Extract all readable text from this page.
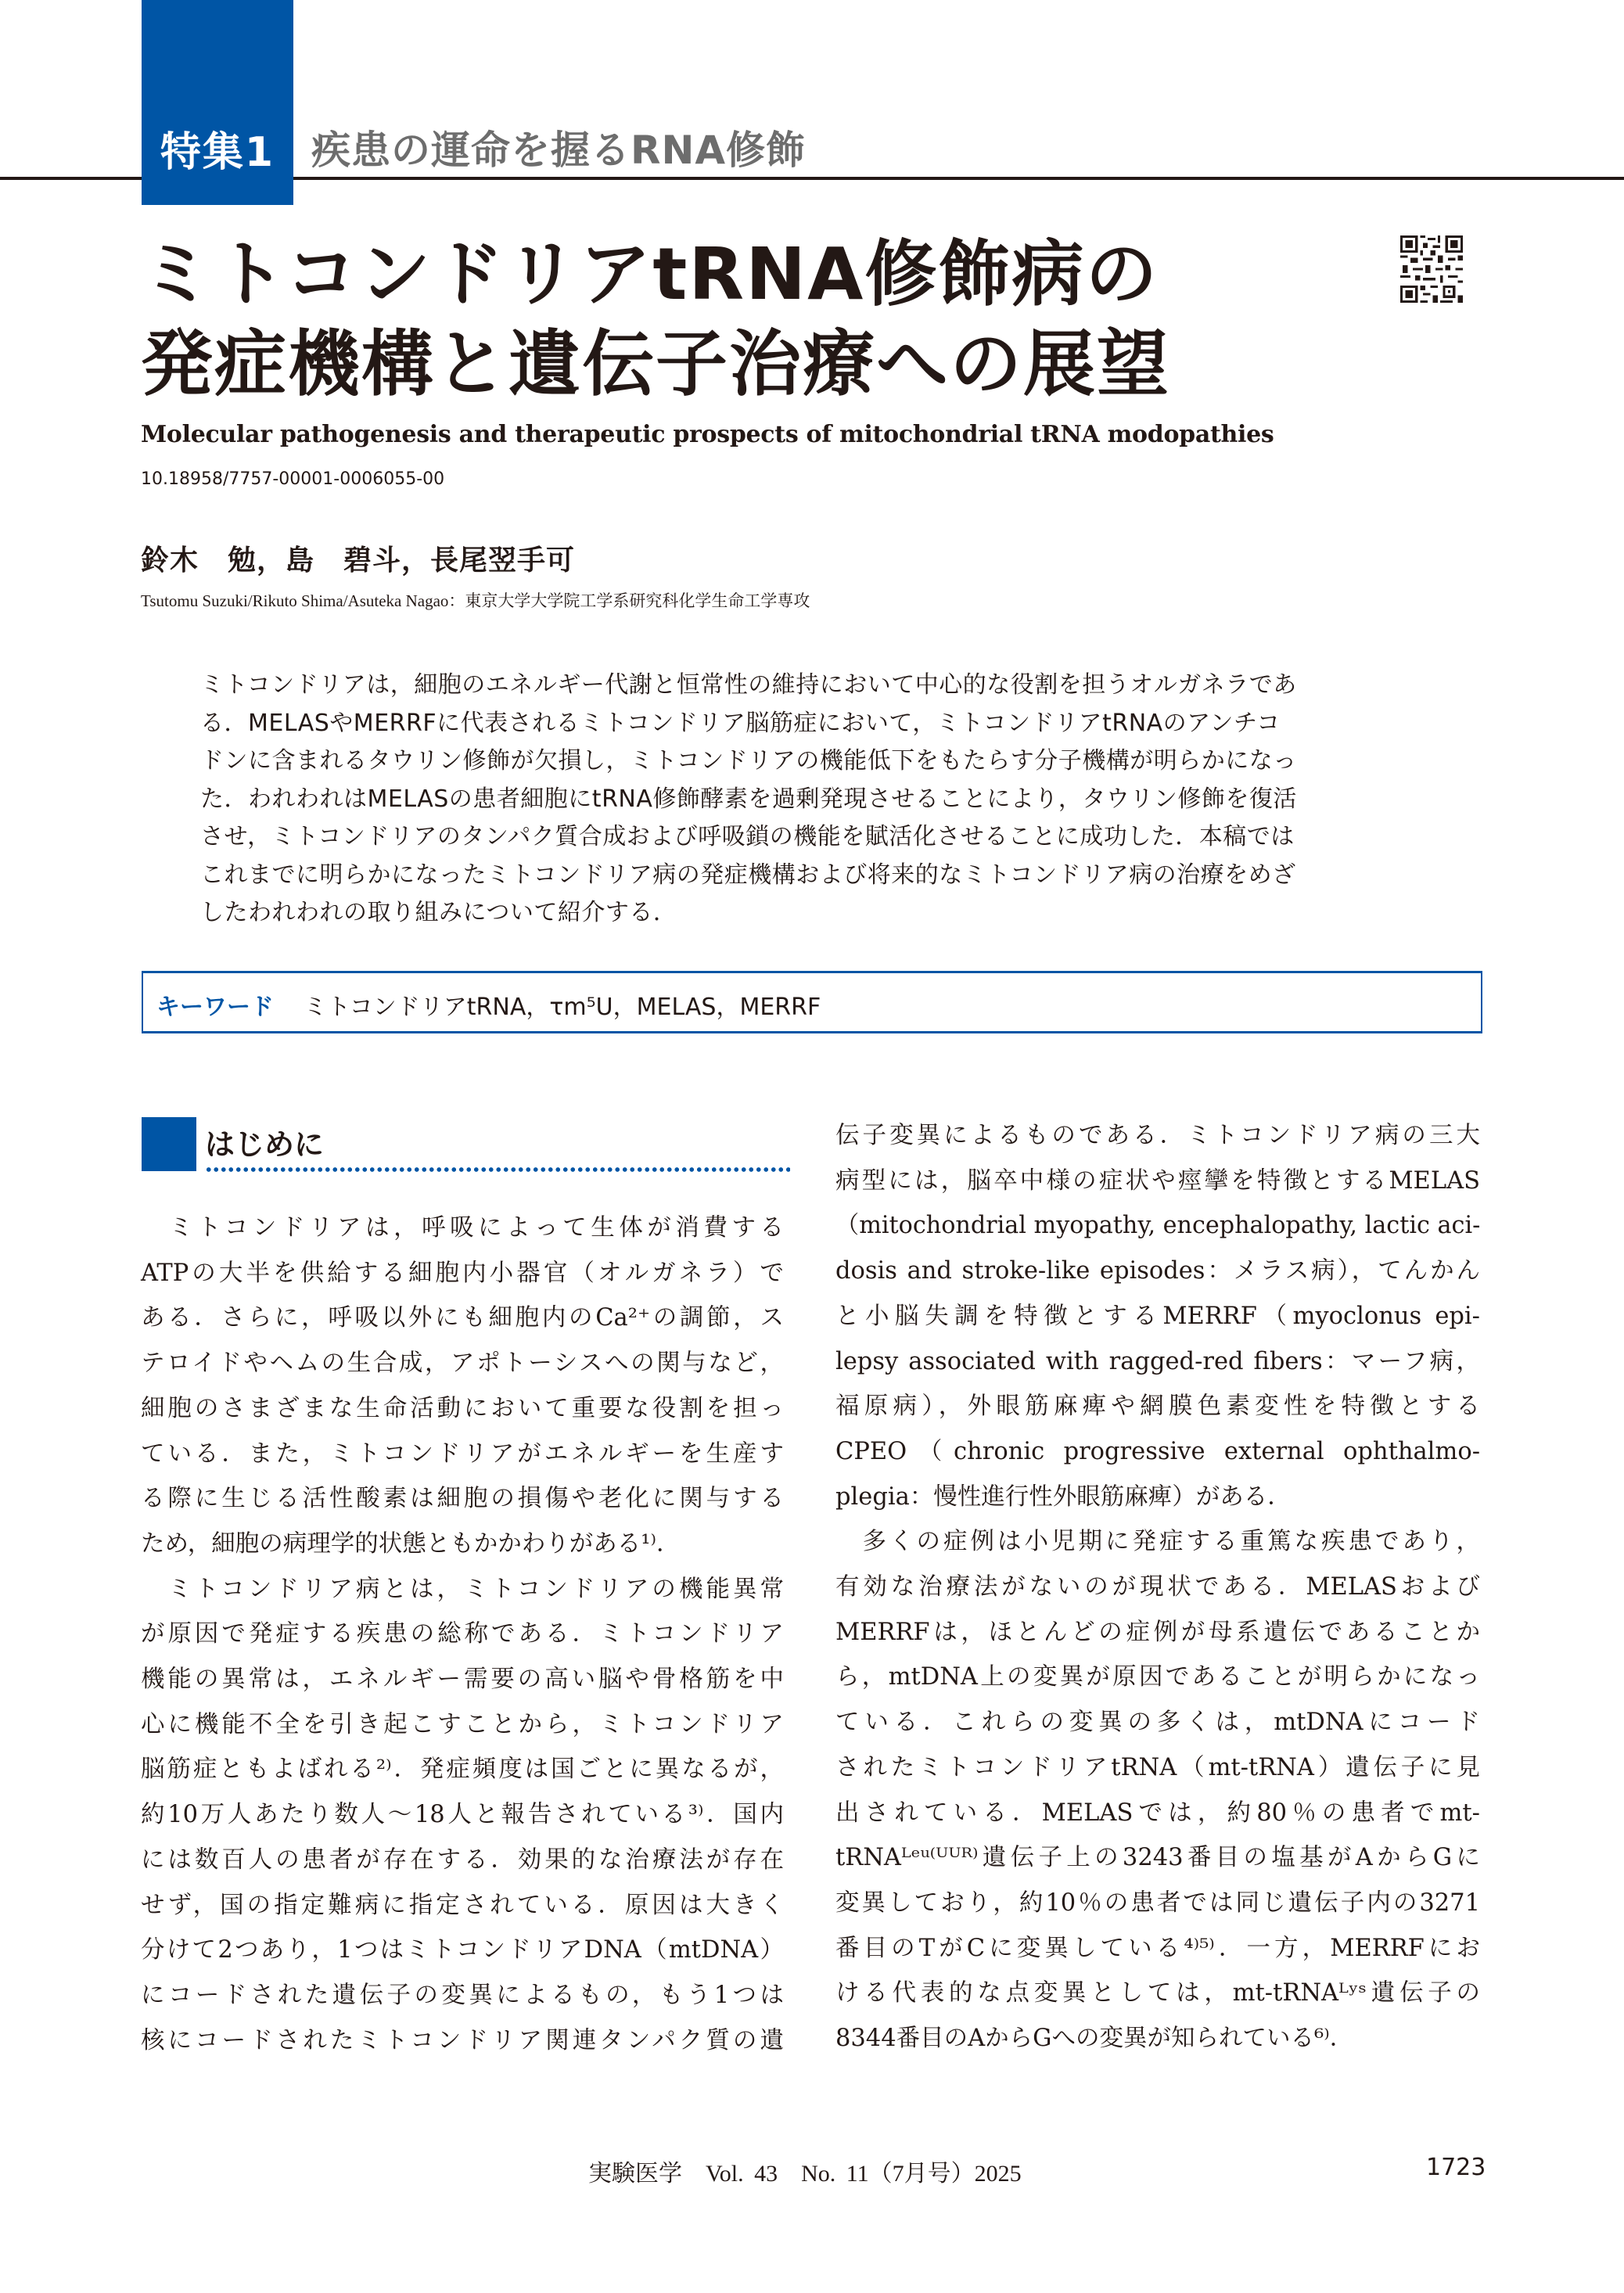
特集1 疾患の運命を握るRNA修飾
ミトコンドリアtRNA修飾病の
発症機構と遺伝子治療への展望
Molecular pathogenesis and therapeutic prospects of mitochondrial tRNA modopathies
10.18958/7757-00001-0006055-00
鈴木　勉，島　碧斗，長尾翌手可
Tsutomu Suzuki/Rikuto Shima/Asuteka Nagao：東京大学大学院工学系研究科化学生命工学専攻
ミトコンドリアは，細胞のエネルギー代謝と恒常性の維持において中心的な役割を担うオルガネラであ
る．MELASやMERRFに代表されるミトコンドリア脳筋症において，ミトコンドリアtRNAのアンチコ
ドンに含まれるタウリン修飾が欠損し，ミトコンドリアの機能低下をもたらす分子機構が明らかになっ
た．われわれはMELASの患者細胞にtRNA修飾酵素を過剰発現させることにより，タウリン修飾を復活
させ，ミトコンドリアのタンパク質合成および呼吸鎖の機能を賦活化させることに成功した．本稿では
これまでに明らかになったミトコンドリア病の発症機構および将来的なミトコンドリア病の治療をめざ
したわれわれの取り組みについて紹介する．
キーワード ミトコンドリアtRNA，τm⁵U，MELAS，MERRF
はじめに

　ミトコンドリアは，呼吸によって生体が消費する

ATPの大半を供給する細胞内小器官（オルガネラ）で

ある．さらに，呼吸以外にも細胞内のCa²⁺の調節，ス

テロイドやヘムの生合成，アポトーシスへの関与など，

細胞のさまざまな生命活動において重要な役割を担っ

ている．また，ミトコンドリアがエネルギーを生産す

る際に生じる活性酸素は細胞の損傷や老化に関与する

ため，細胞の病理学的状態ともかかわりがある¹⁾．

　ミトコンドリア病とは，ミトコンドリアの機能異常

が原因で発症する疾患の総称である．ミトコンドリア

機能の異常は，エネルギー需要の高い脳や骨格筋を中

心に機能不全を引き起こすことから，ミトコンドリア

脳筋症ともよばれる²⁾．発症頻度は国ごとに異なるが，

約10万人あたり数人～18人と報告されている³⁾．国内

には数百人の患者が存在する．効果的な治療法が存在

せず，国の指定難病に指定されている．原因は大きく

分けて2つあり，1つはミトコンドリアDNA（mtDNA）

にコードされた遺伝子の変異によるもの，もう1つは

核にコードされたミトコンドリア関連タンパク質の遺

伝子変異によるものである．ミトコンドリア病の三大

病型には，脳卒中様の症状や痙攣を特徴とするMELAS

（mitochondrial myopathy, encephalopathy, lactic aci-

dosis and stroke-like episodes：メラス病），てんかん

と小脳失調を特徴とするMERRF（myoclonus epi-

lepsy associated with ragged-red fibers：マーフ病，

福原病），外眼筋麻痺や網膜色素変性を特徴とする

CPEO（chronic progressive external ophthalmo-

plegia：慢性進行性外眼筋麻痺）がある．

　多くの症例は小児期に発症する重篤な疾患であり，

有効な治療法がないのが現状である．MELASおよび

MERRFは，ほとんどの症例が母系遺伝であることか

ら，mtDNA上の変異が原因であることが明らかになっ

ている．これらの変異の多くは，mtDNAにコード

されたミトコンドリアtRNA（mt-tRNA）遺伝子に見

出されている．MELASでは，約80％の患者でmt-

tRNAᴸᵉᵘ⁽ᵁᵁᴿ⁾遺伝子上の3243番目の塩基がAからGに

変異しており，約10％の患者では同じ遺伝子内の3271

番目のTがCに変異している⁴⁾⁵⁾．一方，MERRFにお

ける代表的な点変異としては，mt-tRNAᴸʸˢ遺伝子の

8344番目のAからGへの変異が知られている⁶⁾．

実験医学　Vol. 43　No. 11（7月号）2025	1723
